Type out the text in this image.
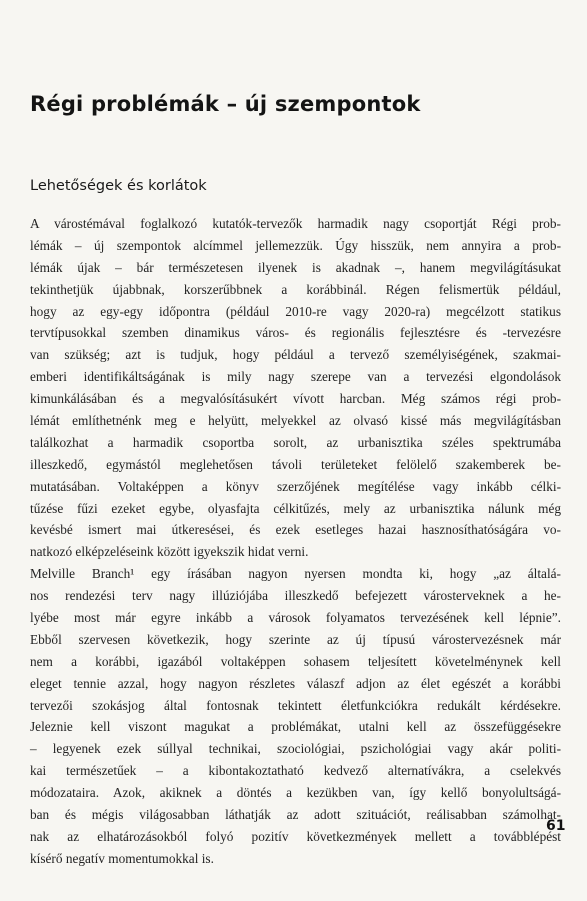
Régi problémák – új szempontok
Lehetőségek és korlátok
A várostémával foglalkozó kutatók-tervezők harmadik nagy csoportját Régi prob-
lémák – új szempontok alcímmel jellemezzük. Úgy hisszük, nem annyira a prob-
lémák újak – bár természetesen ilyenek is akadnak –, hanem megvilágításukat
tekinthetjük újabbnak, korszerűbbnek a korábbinál. Régen felismertük például,
hogy az egy-egy időpontra (például 2010-re vagy 2020-ra) megcélzott statikus
tervtípusokkal szemben dinamikus város- és regionális fejlesztésre és -tervezésre
van szükség; azt is tudjuk, hogy például a tervező személyiségének, szakmai-
emberi identifikáltságának is mily nagy szerepe van a tervezési elgondolások
kimunkálásában és a megvalósításukért vívott harcban. Még számos régi prob-
lémát említhetnénk meg e helyütt, melyekkel az olvasó kissé más megvilágításban
találkozhat a harmadik csoportba sorolt, az urbanisztika széles spektrumába
illeszkedő, egymástól meglehetősen távoli területeket felölelő szakemberek be-
mutatásában. Voltaképpen a könyv szerzőjének megítélése vagy inkább célki-
tűzése fűzi ezeket egybe, olyasfajta célkitűzés, mely az urbanisztika nálunk még
kevésbé ismert mai útkeresései, és ezek esetleges hazai hasznosíthatóságára vo-
natkozó elképzeléseink között igyekszik hidat verni.
Melville Branch¹ egy írásában nagyon nyersen mondta ki, hogy „az általá-
nos rendezési terv nagy illúziójába illeszkedő befejezett városterveknek a he-
lyébe most már egyre inkább a városok folyamatos tervezésének kell lépnie”.
Ebből szervesen következik, hogy szerinte az új típusú várostervezésnek már
nem a korábbi, igazából voltaképpen sohasem teljesített követelménynek kell
eleget tennie azzal, hogy nagyon részletes válaszf adjon az élet egészét a korábbi
tervezői szokásjog által fontosnak tekintett életfunkciókra redukált kérdésekre.
Jeleznie kell viszont magukat a problémákat, utalni kell az összefüggésekre
– legyenek ezek súllyal technikai, szociológiai, pszichológiai vagy akár politi-
kai természetűek – a kibontakoztatható kedvező alternatívákra, a cselekvés
módozataira. Azok, akiknek a döntés a kezükben van, így kellő bonyolultságá-
ban és mégis világosabban láthatják az adott szituációt, reálisabban számolhat-
nak az elhatározásokból folyó pozitív következmények mellett a továbblépést
kísérő negatív momentumokkal is.
61
